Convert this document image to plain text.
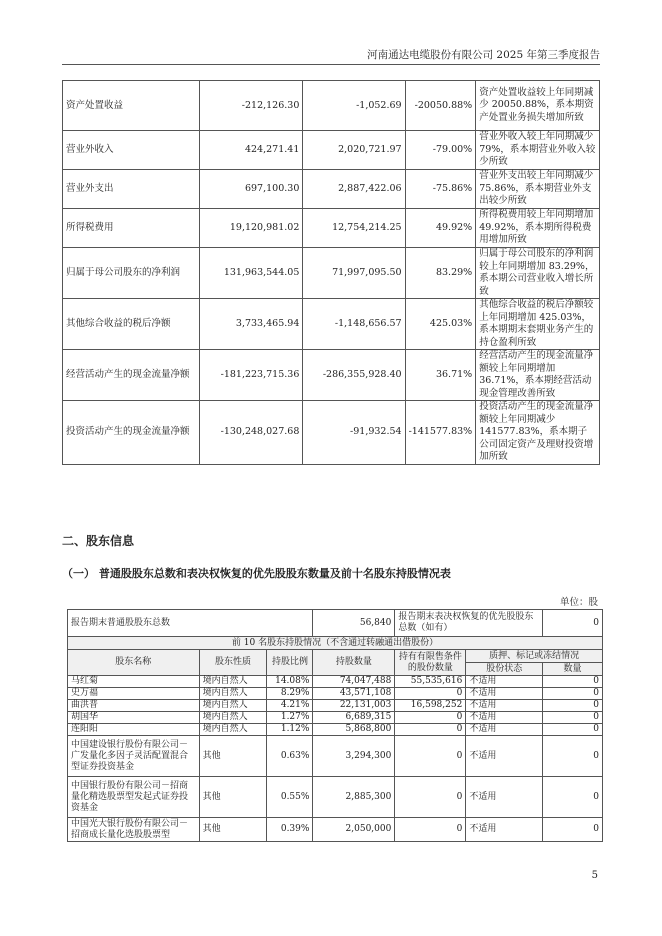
河南通达电缆股份有限公司 2025 年第三季度报告
资产处置收益	-212,126.30	-1,052.69	-20050.88%	资产处置收益较上年同期减少 20050.88%，系本期资产处置业务损失增加所致
营业外收入	424,271.41	2,020,721.97	-79.00%	营业外收入较上年同期减少 79%，系本期营业外收入较少所致
营业外支出	697,100.30	2,887,422.06	-75.86%	营业外支出较上年同期减少 75.86%，系本期营业外支出较少所致
所得税费用	19,120,981.02	12,754,214.25	49.92%	所得税费用较上年同期增加 49.92%，系本期所得税费用增加所致
归属于母公司股东的净利润	131,963,544.05	71,997,095.50	83.29%	归属于母公司股东的净利润较上年同期增加 83.29%，系本期公司营业收入增长所致
其他综合收益的税后净额	3,733,465.94	-1,148,656.57	425.03%	其他综合收益的税后净额较上年同期增加 425.03%，系本期期末套期业务产生的持仓盈利所致
经营活动产生的现金流量净额	-181,223,715.36	-286,355,928.40	36.71%	经营活动产生的现金流量净额较上年同期增加 36.71%，系本期经营活动现金管理改善所致
投资活动产生的现金流量净额	-130,248,027.68	-91,932.54	-141577.83%	投资活动产生的现金流量净额较上年同期减少 141577.83%，系本期子公司固定资产及理财投资增加所致
二、股东信息
（一） 普通股股东总数和表决权恢复的优先股股东数量及前十名股东持股情况表
单位：股
报告期末普通股股东总数			56,840	报告期末表决权恢复的优先股股东总数（如有）		0
前 10 名股东持股情况（不含通过转融通出借股份）						
股东名称	股东性质	持股比例	持股数量	持有有限售条件的股份数量	质押、标记或冻结情况	
					股份状态	数量
马红菊	境内自然人	14.08%	74,047,488	55,535,616	不适用	0
史万福	境内自然人	8.29%	43,571,108	0	不适用	0
曲洪普	境内自然人	4.21%	22,131,003	16,598,252	不适用	0
胡国华	境内自然人	1.27%	6,689,315	0	不适用	0
连阳阳	境内自然人	1.12%	5,868,800	0	不适用	0
中国建设银行股份有限公司－广发量化多因子灵活配置混合型证券投资基金	其他	0.63%	3,294,300	0	不适用	0
中国银行股份有限公司－招商量化精选股票型发起式证券投资基金	其他	0.55%	2,885,300	0	不适用	0
中国光大银行股份有限公司－招商成长量化选股股票型	其他	0.39%	2,050,000	0	不适用	0
5
